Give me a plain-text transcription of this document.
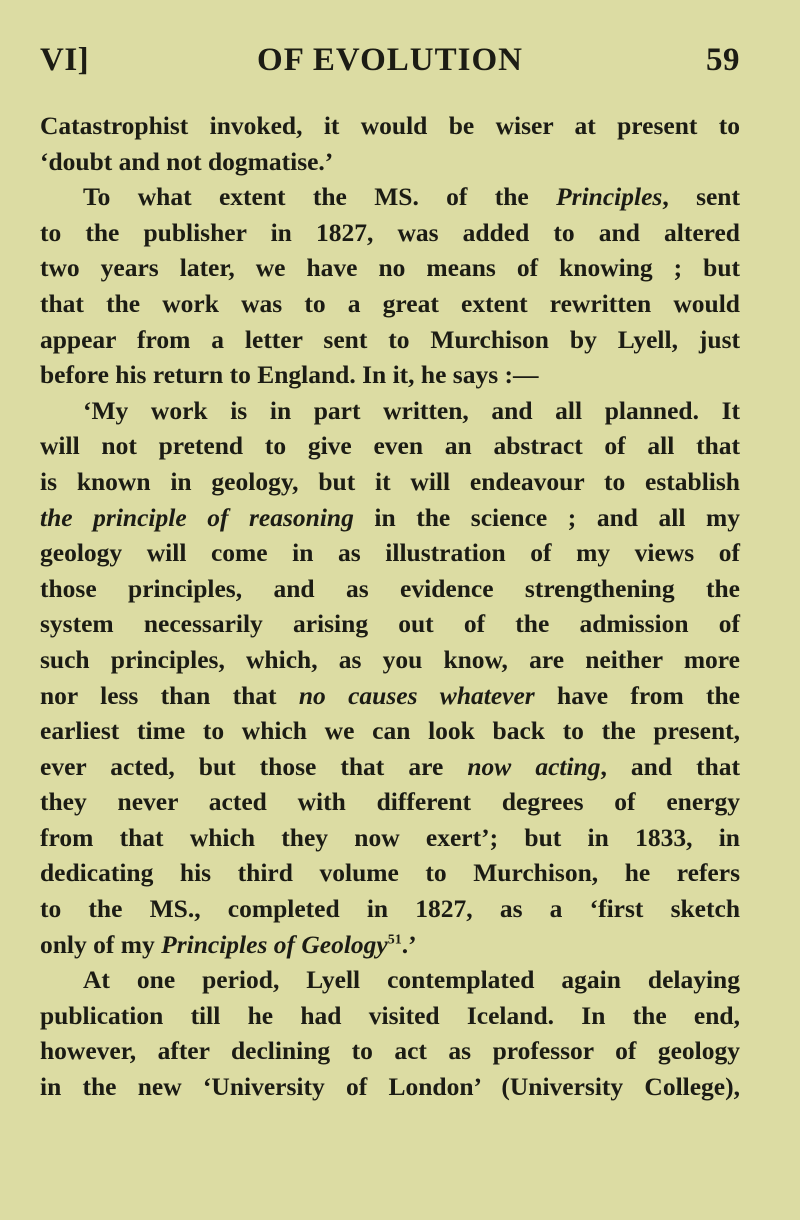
VI]	OF EVOLUTION	59
Catastrophist invoked, it would be wiser at present to
‘doubt and not dogmatise.’
To what extent the MS. of the Principles, sent
to the publisher in 1827, was added to and altered
two years later, we have no means of knowing ; but
that the work was to a great extent rewritten would
appear from a letter sent to Murchison by Lyell, just
before his return to England. In it, he says :—
‘My work is in part written, and all planned. It
will not pretend to give even an abstract of all that
is known in geology, but it will endeavour to establish
the principle of reasoning in the science ; and all my
geology will come in as illustration of my views of
those principles, and as evidence strengthening the
system necessarily arising out of the admission of
such principles, which, as you know, are neither more
nor less than that no causes whatever have from the
earliest time to which we can look back to the present,
ever acted, but those that are now acting, and that
they never acted with different degrees of energy
from that which they now exert’; but in 1833, in
dedicating his third volume to Murchison, he refers
to the MS., completed in 1827, as a ‘first sketch
only of my Principles of Geology$^{51}$.’
At one period, Lyell contemplated again delaying
publication till he had visited Iceland. In the end,
however, after declining to act as professor of geology
in the new ‘University of London’ (University College),
